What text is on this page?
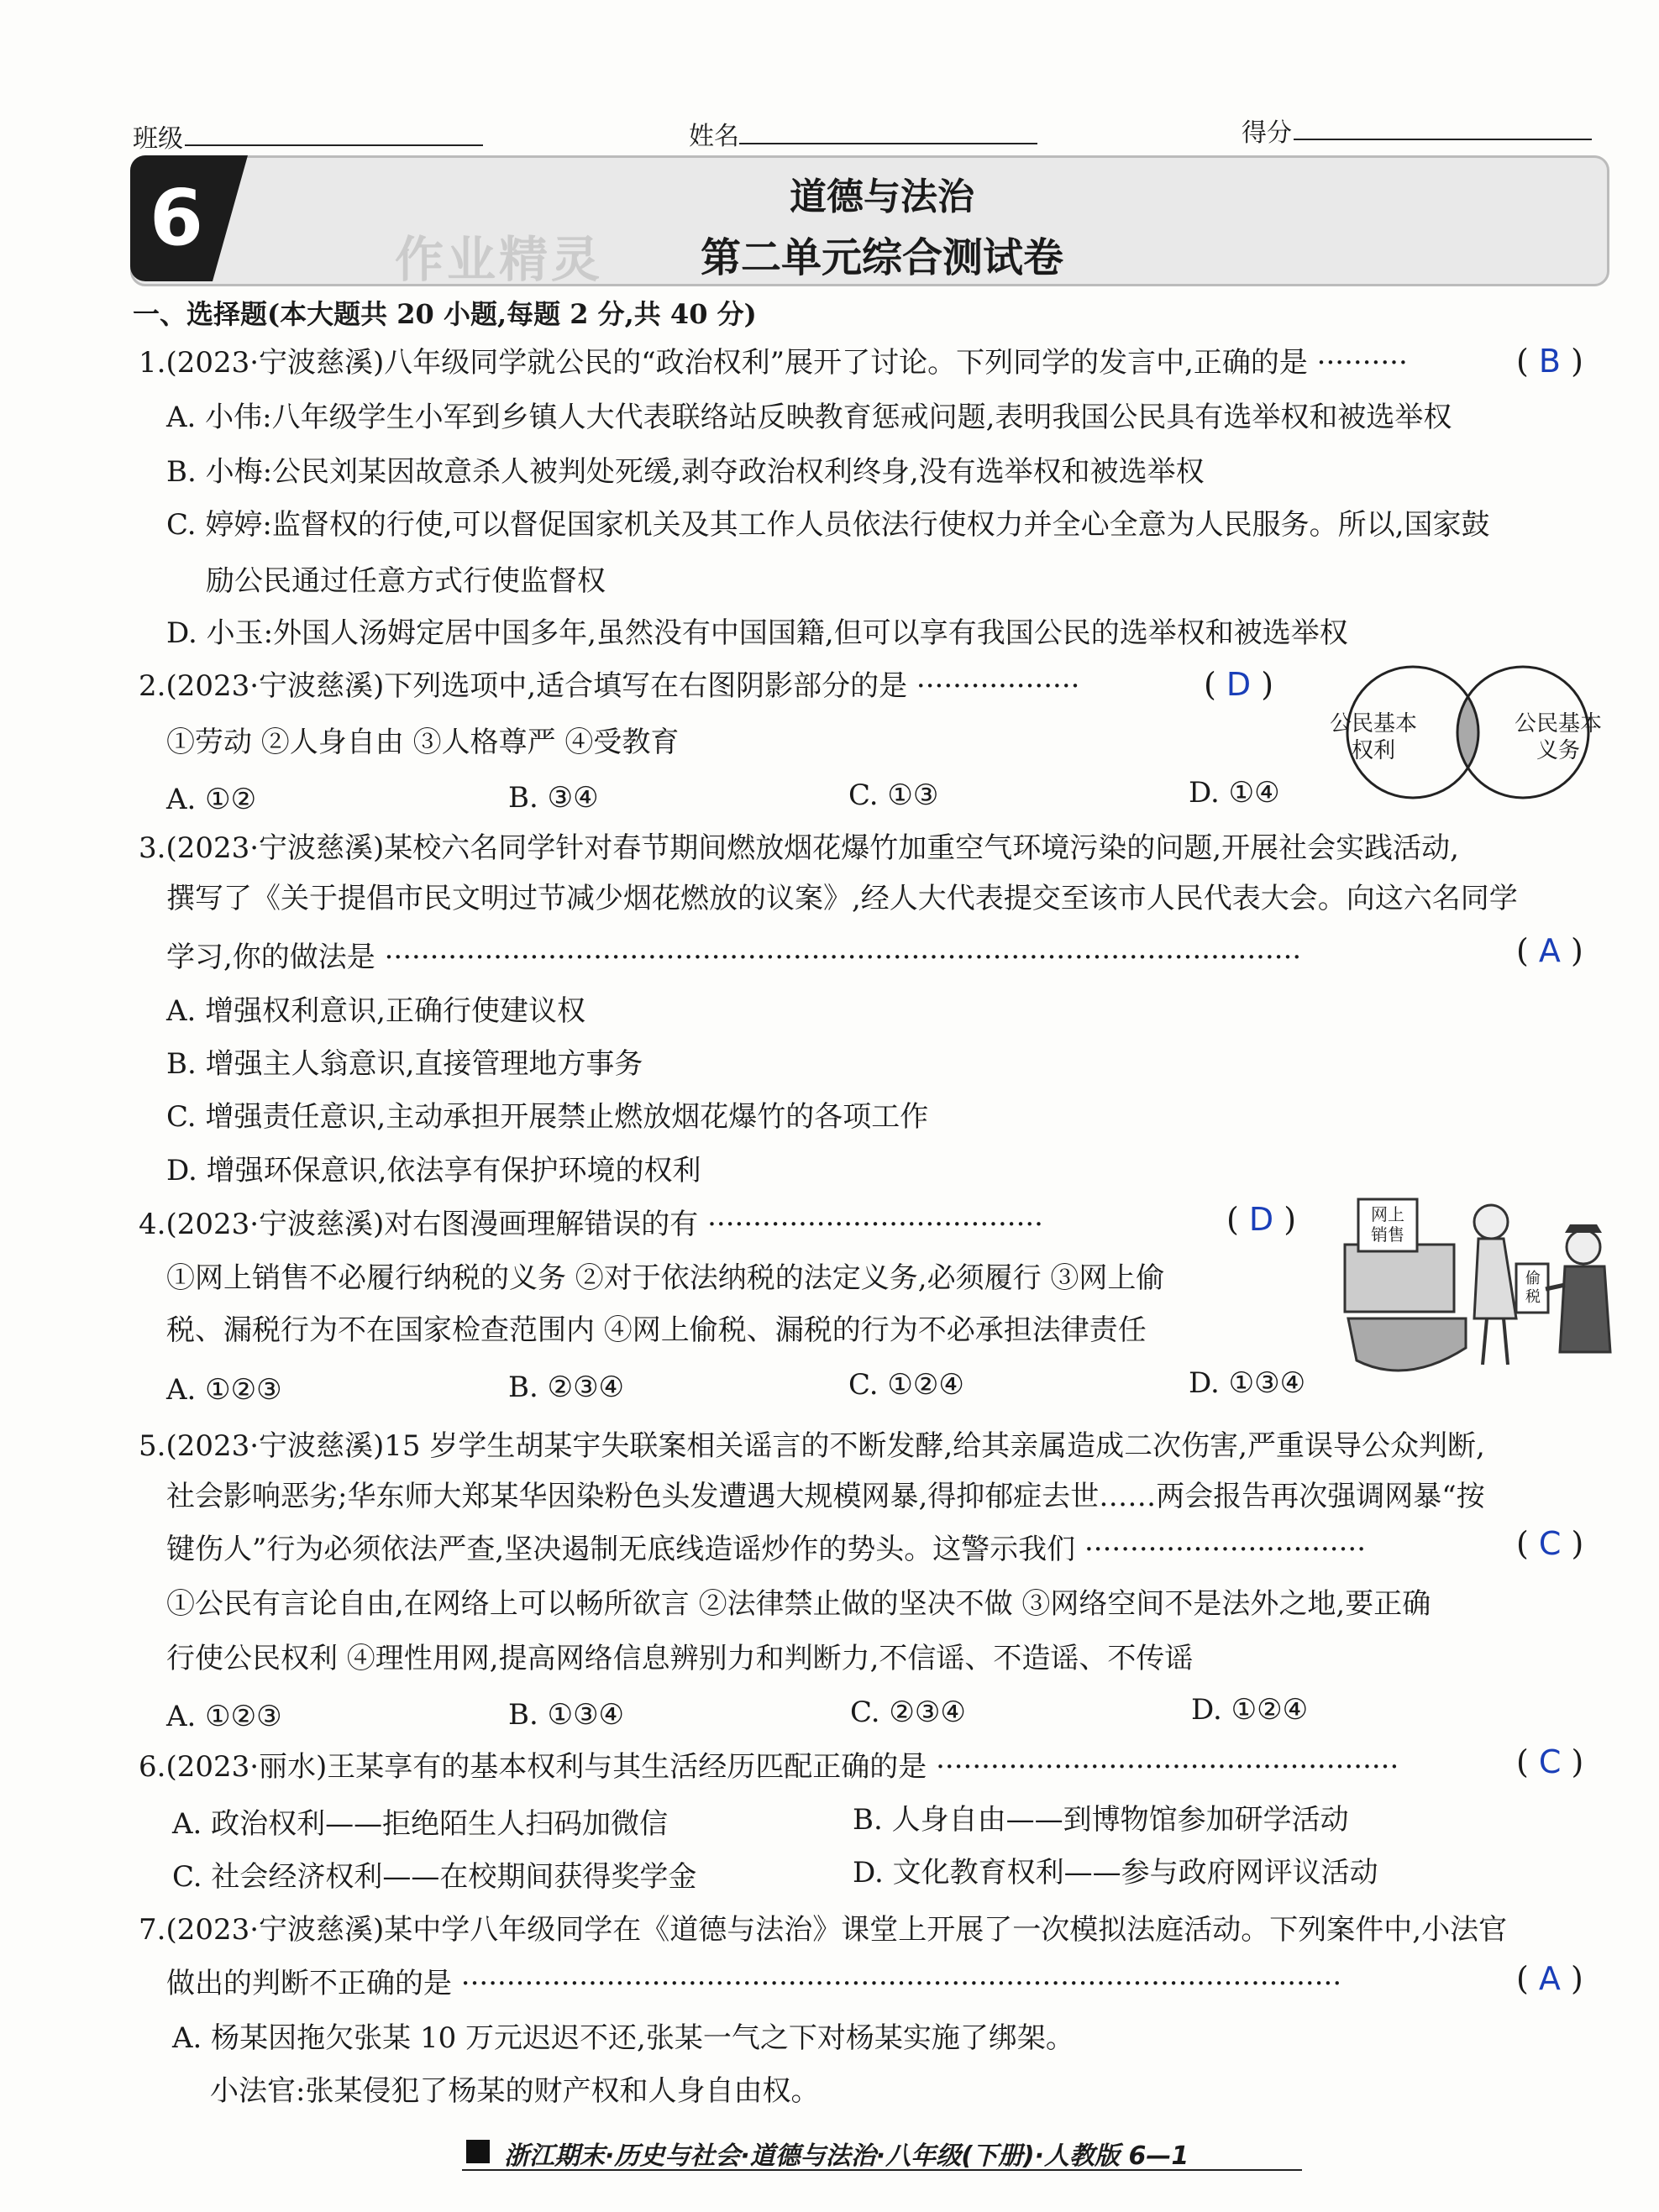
班级	姓名	得分
6	作业精灵
道德与法治
第二单元综合测试卷
一、选择题(本大题共 20 小题,每题 2 分,共 40 分)
1.(2023·宁波慈溪)八年级同学就公民的“政治权利”展开了讨论。下列同学的发言中,正确的是 ··········	( B )
A. 小伟:八年级学生小军到乡镇人大代表联络站反映教育惩戒问题,表明我国公民具有选举权和被选举权
B. 小梅:公民刘某因故意杀人被判处死缓,剥夺政治权利终身,没有选举权和被选举权
C. 婷婷:监督权的行使,可以督促国家机关及其工作人员依法行使权力并全心全意为人民服务。所以,国家鼓
励公民通过任意方式行使监督权
D. 小玉:外国人汤姆定居中国多年,虽然没有中国国籍,但可以享有我国公民的选举权和被选举权
2.(2023·宁波慈溪)下列选项中,适合填写在右图阴影部分的是 ··················	( D )
①劳动 ②人身自由 ③人格尊严 ④受教育
A. ①②	B. ③④	C. ①③	D. ①④
公民基本
权利
公民基本
义务
3.(2023·宁波慈溪)某校六名同学针对春节期间燃放烟花爆竹加重空气环境污染的问题,开展社会实践活动,
撰写了《关于提倡市民文明过节减少烟花燃放的议案》,经人大代表提交至该市人民代表大会。向这六名同学
学习,你的做法是 ·····································································································	( A )
A. 增强权利意识,正确行使建议权
B. 增强主人翁意识,直接管理地方事务
C. 增强责任意识,主动承担开展禁止燃放烟花爆竹的各项工作
D. 增强环保意识,依法享有保护环境的权利
4.(2023·宁波慈溪)对右图漫画理解错误的有 ·····································	( D )
①网上销售不必履行纳税的义务 ②对于依法纳税的法定义务,必须履行 ③网上偷
税、漏税行为不在国家检查范围内 ④网上偷税、漏税的行为不必承担法律责任
A. ①②③	B. ②③④	C. ①②④	D. ①③④
网上
销售
偷
税
5.(2023·宁波慈溪)15 岁学生胡某宇失联案相关谣言的不断发酵,给其亲属造成二次伤害,严重误导公众判断,
社会影响恶劣;华东师大郑某华因染粉色头发遭遇大规模网暴,得抑郁症去世……两会报告再次强调网暴“按
键伤人”行为必须依法严查,坚决遏制无底线造谣炒作的势头。这警示我们 ·······························	( C )
①公民有言论自由,在网络上可以畅所欲言 ②法律禁止做的坚决不做 ③网络空间不是法外之地,要正确
行使公民权利 ④理性用网,提高网络信息辨别力和判断力,不信谣、不造谣、不传谣
A. ①②③	B. ①③④	C. ②③④	D. ①②④
6.(2023·丽水)王某享有的基本权利与其生活经历匹配正确的是 ···················································	( C )
A. 政治权利——拒绝陌生人扫码加微信	B. 人身自由——到博物馆参加研学活动
C. 社会经济权利——在校期间获得奖学金	D. 文化教育权利——参与政府网评议活动
7.(2023·宁波慈溪)某中学八年级同学在《道德与法治》课堂上开展了一次模拟法庭活动。下列案件中,小法官
做出的判断不正确的是 ·································································································	( A )
A. 杨某因拖欠张某 10 万元迟迟不还,张某一气之下对杨某实施了绑架。
小法官:张某侵犯了杨某的财产权和人身自由权。
浙江期末·历史与社会·道德与法治·八年级(下册)·人教版 6—1
